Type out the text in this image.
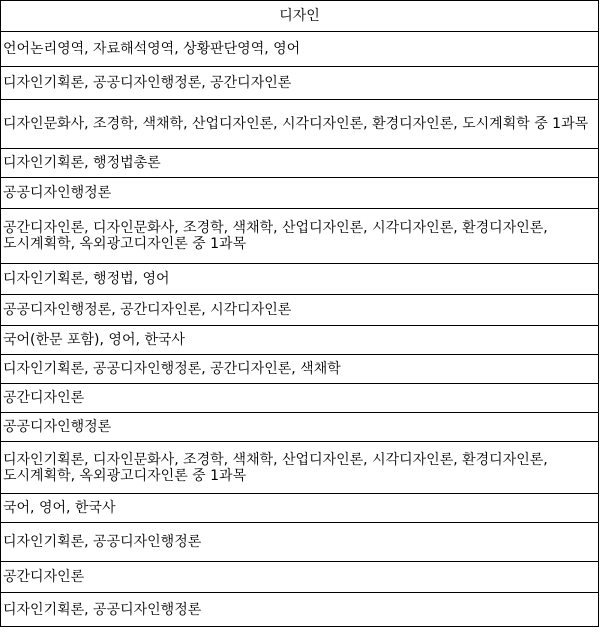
디자인
언어논리영역, 자료해석영역, 상황판단영역, 영어
디자인기획론, 공공디자인행정론, 공간디자인론
디자인문화사, 조경학, 색채학, 산업디자인론, 시각디자인론, 환경디자인론, 도시계획학 중 1과목
디자인기획론, 행정법총론
공공디자인행정론
공간디자인론, 디자인문화사, 조경학, 색채학, 산업디자인론, 시각디자인론, 환경디자인론, 도시계획학, 옥외광고디자인론 중 1과목
디자인기획론, 행정법, 영어
공공디자인행정론, 공간디자인론, 시각디자인론
국어(한문 포함), 영어, 한국사
디자인기획론, 공공디자인행정론, 공간디자인론, 색채학
공간디자인론
공공디자인행정론
디자인기획론, 디자인문화사, 조경학, 색채학, 산업디자인론, 시각디자인론, 환경디자인론, 도시계획학, 옥외광고디자인론 중 1과목
국어, 영어, 한국사
디자인기획론, 공공디자인행정론
공간디자인론
디자인기획론, 공공디자인행정론
